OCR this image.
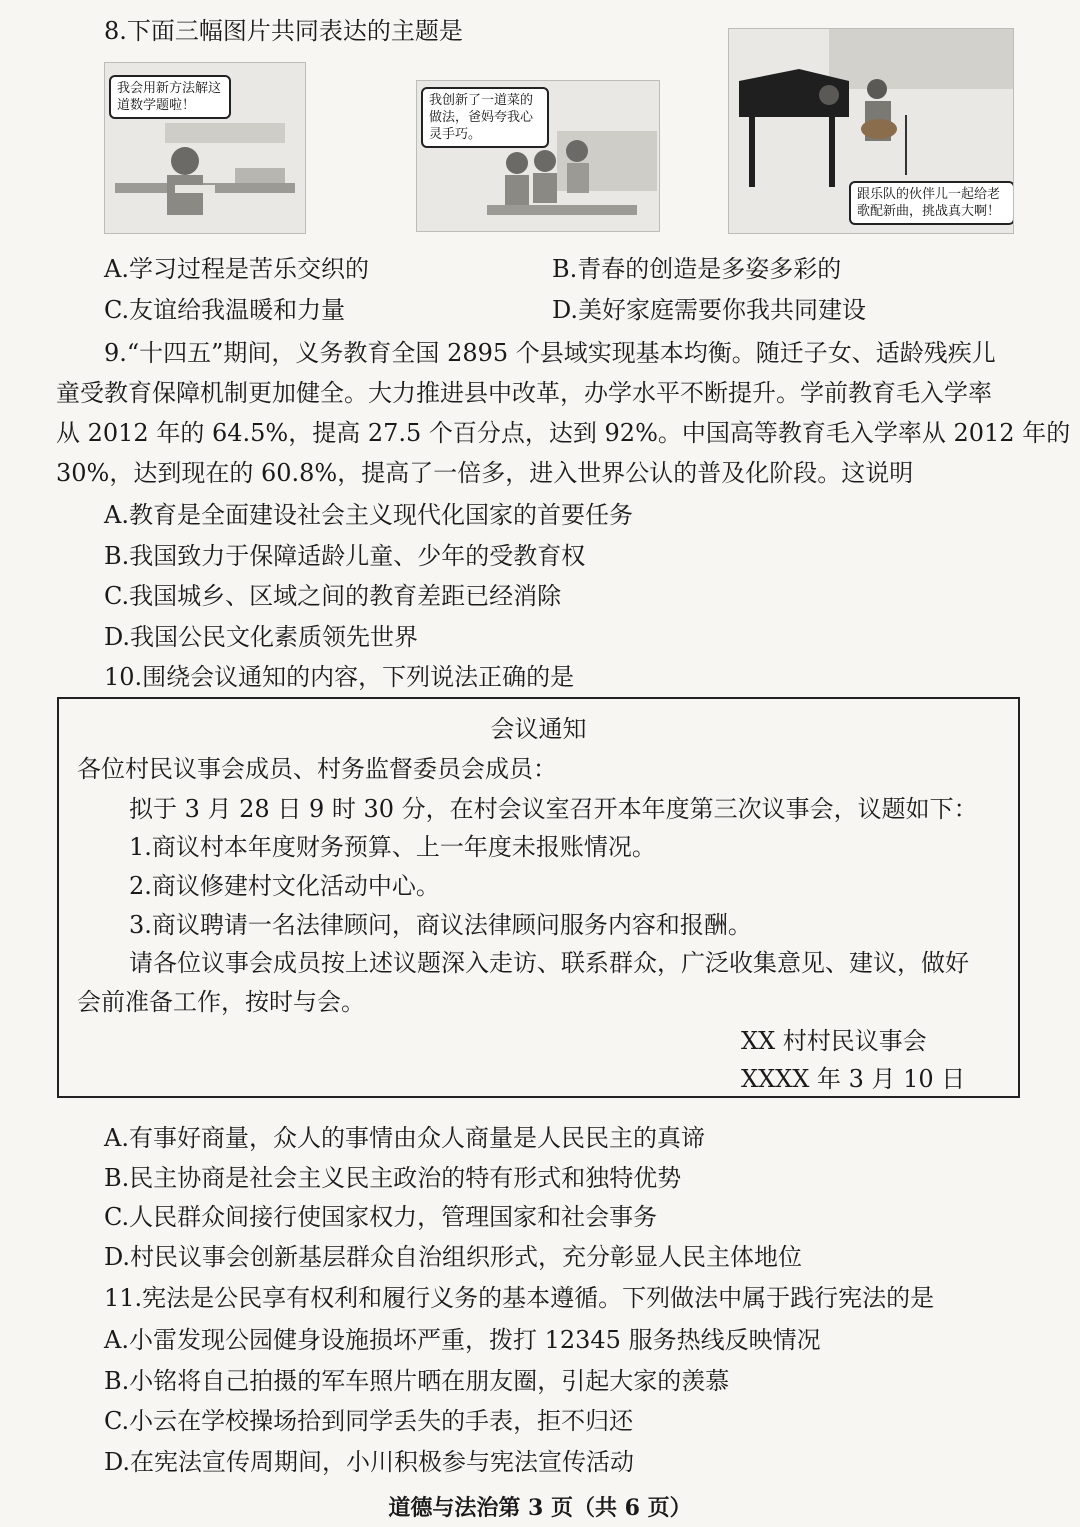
8.下面三幅图片共同表达的主题是
我会用新方法解这道数学题啦！	我创新了一道菜的做法，爸妈夸我心灵手巧。
跟乐队的伙伴儿一起给老歌配新曲，挑战真大啊！
A.学习过程是苦乐交织的	B.青春的创造是多姿多彩的
C.友谊给我温暖和力量	D.美好家庭需要你我共同建设
9.“十四五”期间，义务教育全国 2895 个县域实现基本均衡。随迁子女、适龄残疾儿
童受教育保障机制更加健全。大力推进县中改革，办学水平不断提升。学前教育毛入学率
从 2012 年的 64.5%，提高 27.5 个百分点，达到 92%。中国高等教育毛入学率从 2012 年的
30%，达到现在的 60.8%，提高了一倍多，进入世界公认的普及化阶段。这说明
A.教育是全面建设社会主义现代化国家的首要任务
B.我国致力于保障适龄儿童、少年的受教育权
C.我国城乡、区域之间的教育差距已经消除
D.我国公民文化素质领先世界
10.围绕会议通知的内容，下列说法正确的是
会议通知
各位村民议事会成员、村务监督委员会成员：
拟于 3 月 28 日 9 时 30 分，在村会议室召开本年度第三次议事会，议题如下：
1.商议村本年度财务预算、上一年度未报账情况。
2.商议修建村文化活动中心。
3.商议聘请一名法律顾问，商议法律顾问服务内容和报酬。
请各位议事会成员按上述议题深入走访、联系群众，广泛收集意见、建议，做好
会前准备工作，按时与会。
XX 村村民议事会
XXXX 年 3 月 10 日
A.有事好商量，众人的事情由众人商量是人民民主的真谛
B.民主协商是社会主义民主政治的特有形式和独特优势
C.人民群众间接行使国家权力，管理国家和社会事务
D.村民议事会创新基层群众自治组织形式，充分彰显人民主体地位
11.宪法是公民享有权利和履行义务的基本遵循。下列做法中属于践行宪法的是
A.小雷发现公园健身设施损坏严重，拨打 12345 服务热线反映情况
B.小铭将自己拍摄的军车照片晒在朋友圈，引起大家的羡慕
C.小云在学校操场拾到同学丢失的手表，拒不归还
D.在宪法宣传周期间，小川积极参与宪法宣传活动
道德与法治第 3 页（共 6 页）
